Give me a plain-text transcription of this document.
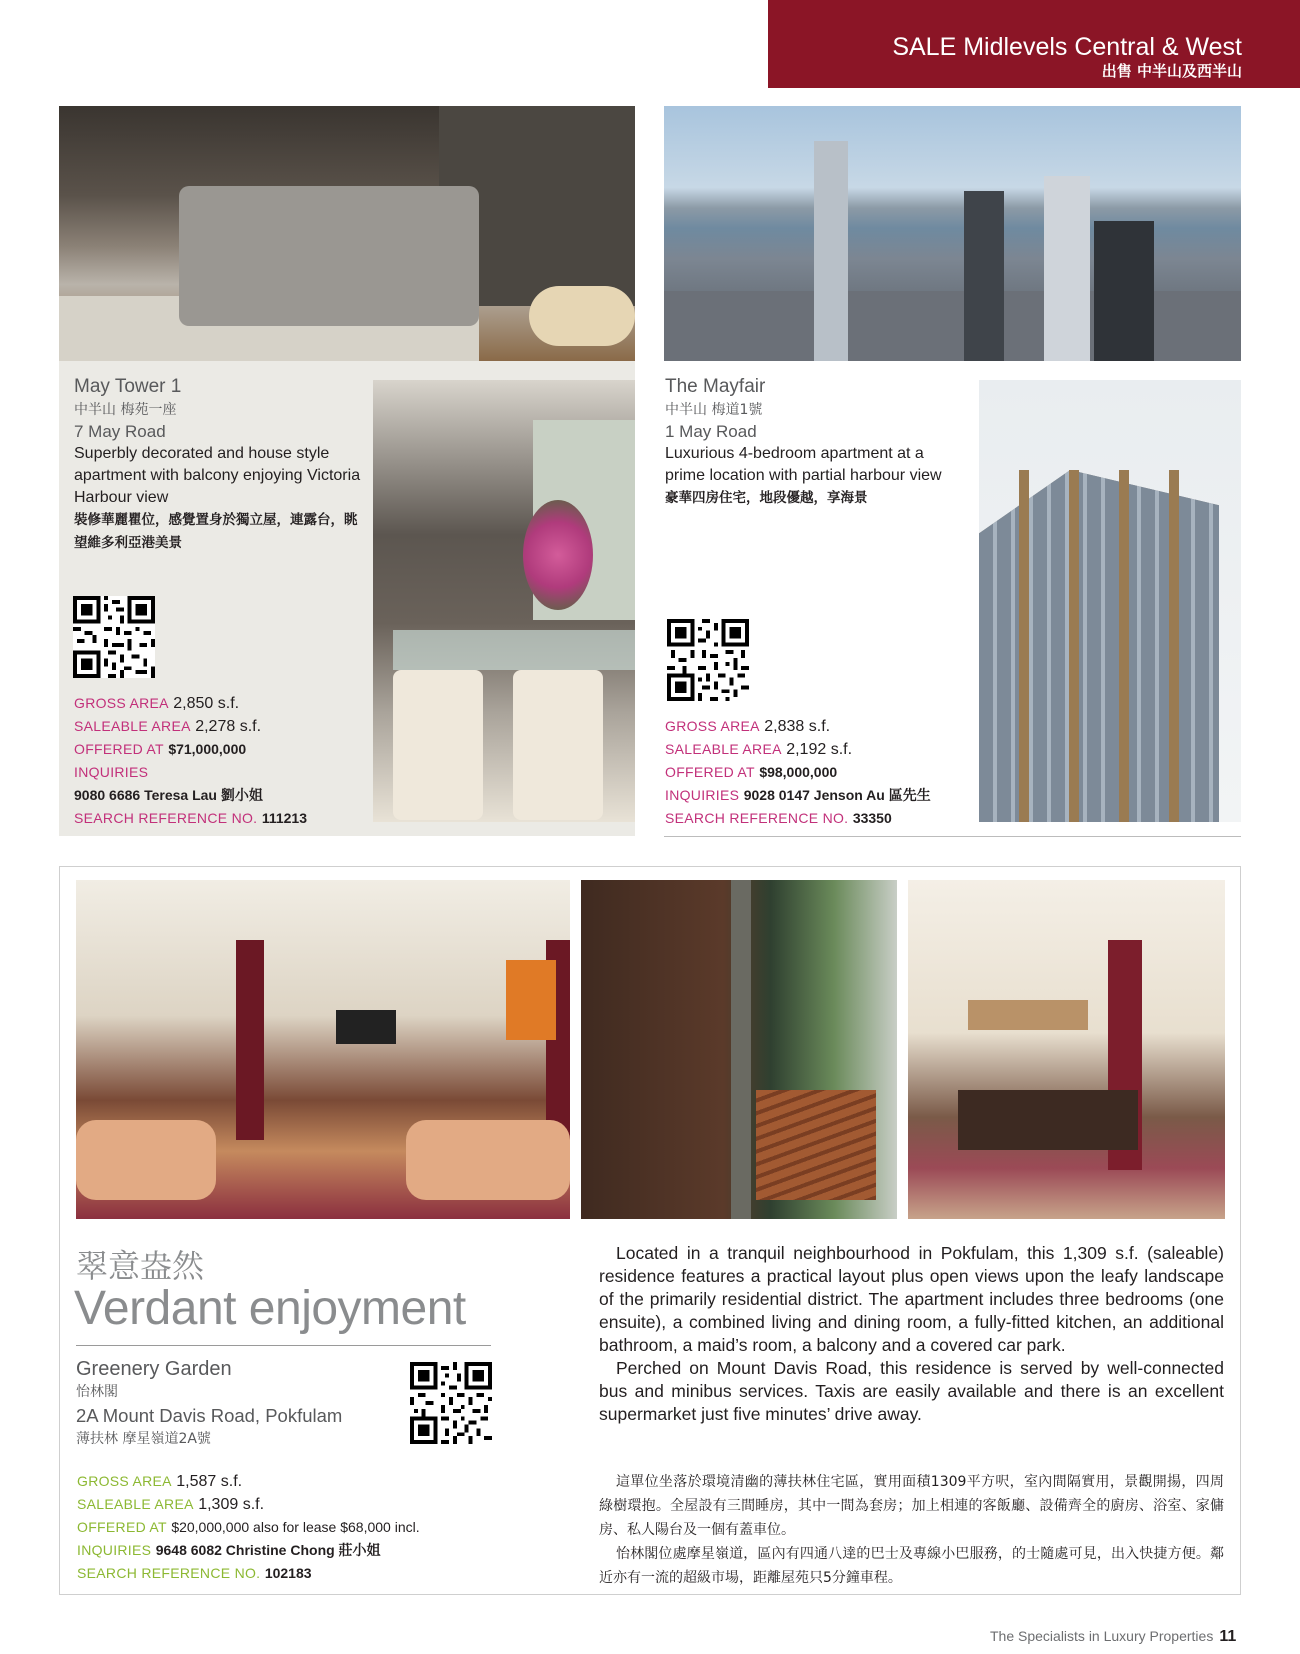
SALE Midlevels Central & West
出售 中半山及西半山
May Tower 1
中半山 梅苑一座
7 May Road
Superbly decorated and house style apartment with balcony enjoying Victoria Harbour view
裝修華麗瞿位，感覺置身於獨立屋，連露台，眺望維多利亞港美景
GROSS AREA 2,850 s.f.
SALEABLE AREA 2,278 s.f.
OFFERED AT $71,000,000
INQUIRIES
9080 6686 Teresa Lau 劉小姐
SEARCH REFERENCE NO. 111213
The Mayfair
中半山 梅道1號
1 May Road
Luxurious 4-bedroom apartment at a prime location with partial harbour view
豪華四房住宅，地段優越，享海景
GROSS AREA 2,838 s.f.
SALEABLE AREA 2,192 s.f.
OFFERED AT $98,000,000
INQUIRIES 9028 0147 Jenson Au 區先生
SEARCH REFERENCE NO. 33350
翠意盎然
Verdant enjoyment
Greenery Garden
怡林閣
2A Mount Davis Road, Pokfulam
薄扶林 摩星嶺道2A號
GROSS AREA 1,587 s.f.
SALEABLE AREA 1,309 s.f.
OFFERED AT $20,000,000 also for lease $68,000 incl.
INQUIRIES 9648 6082 Christine Chong 莊小姐
SEARCH REFERENCE NO. 102183

Located in a tranquil neighbourhood in Pokfulam, this 1,309 s.f. (saleable) residence features a practical layout plus open views upon the leafy landscape of the primarily residential district. The apartment includes three bedrooms (one ensuite), a combined living and dining room, a fully-fitted kitchen, an additional bathroom, a maid’s room, a balcony and a covered car park.

Perched on Mount Davis Road, this residence is served by well-connected bus and minibus services. Taxis are easily available and there is an excellent supermarket just five minutes’ drive away.

這單位坐落於環境清幽的薄扶林住宅區，實用面積1309平方呎，室內間隔實用，景觀開揚，四周綠樹環抱。全屋設有三間睡房，其中一間為套房；加上相連的客飯廳、設備齊全的廚房、浴室、家傭房、私人陽台及一個有蓋車位。

怡林閣位處摩星嶺道，區內有四通八達的巴士及專線小巴服務，的士隨處可見，出入快捷方便。鄰近亦有一流的超級市場，距離屋苑只5分鐘車程。

The Specialists in Luxury Properties 11
